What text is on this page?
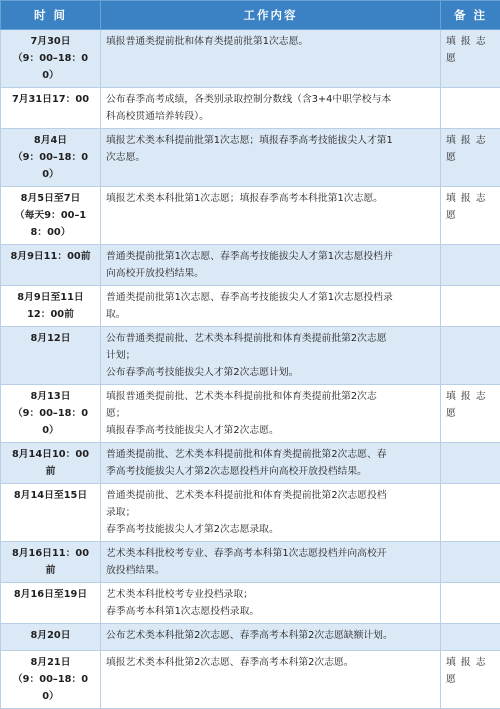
时 间	工作内容	备 注

7月30日
（9：00–18：0
0）	填报普通类提前批和体育类提前批第1次志愿。	填 报 志
愿

7月31日17：00	公布春季高考成绩，各类别录取控制分数线（含3+4中职学校与本
科高校贯通培养转段）。	

8月4日
（9：00–18：0
0）	填报艺术类本科提前批第1次志愿；填报春季高考技能拔尖人才第1
次志愿。	填 报 志
愿

8月5日至7日
（每天9：00–1
8：00）	填报艺术类本科批第1次志愿；填报春季高考本科批第1次志愿。	填 报 志
愿

8月9日11：00前	普通类提前批第1次志愿、春季高考技能拔尖人才第1次志愿投档并
向高校开放投档结果。	

8月9日至11日
12：00前	普通类提前批第1次志愿、春季高考技能拔尖人才第1次志愿投档录
取。	

8月12日	公布普通类提前批、艺术类本科提前批和体育类提前批第2次志愿
计划；
公布春季高考技能拔尖人才第2次志愿计划。	

8月13日
（9：00–18：0
0）	填报普通类提前批、艺术类本科提前批和体育类提前批第2次志
愿；
填报春季高考技能拔尖人才第2次志愿。	填 报 志
愿

8月14日10：00
前	普通类提前批、艺术类本科提前批和体育类提前批第2次志愿、春
季高考技能拔尖人才第2次志愿投档并向高校开放投档结果。	

8月14日至15日	普通类提前批、艺术类本科提前批和体育类提前批第2次志愿投档
录取；
春季高考技能拔尖人才第2次志愿录取。	

8月16日11：00
前	艺术类本科批校考专业、春季高考本科第1次志愿投档并向高校开
放投档结果。	

8月16日至19日	艺术类本科批校考专业投档录取；
春季高考本科第1次志愿投档录取。	

8月20日	公布艺术类本科批第2次志愿、春季高考本科第2次志愿缺额计划。	

8月21日
（9：00–18：0
0）	填报艺术类本科批第2次志愿、春季高考本科第2次志愿。	填 报 志
愿
